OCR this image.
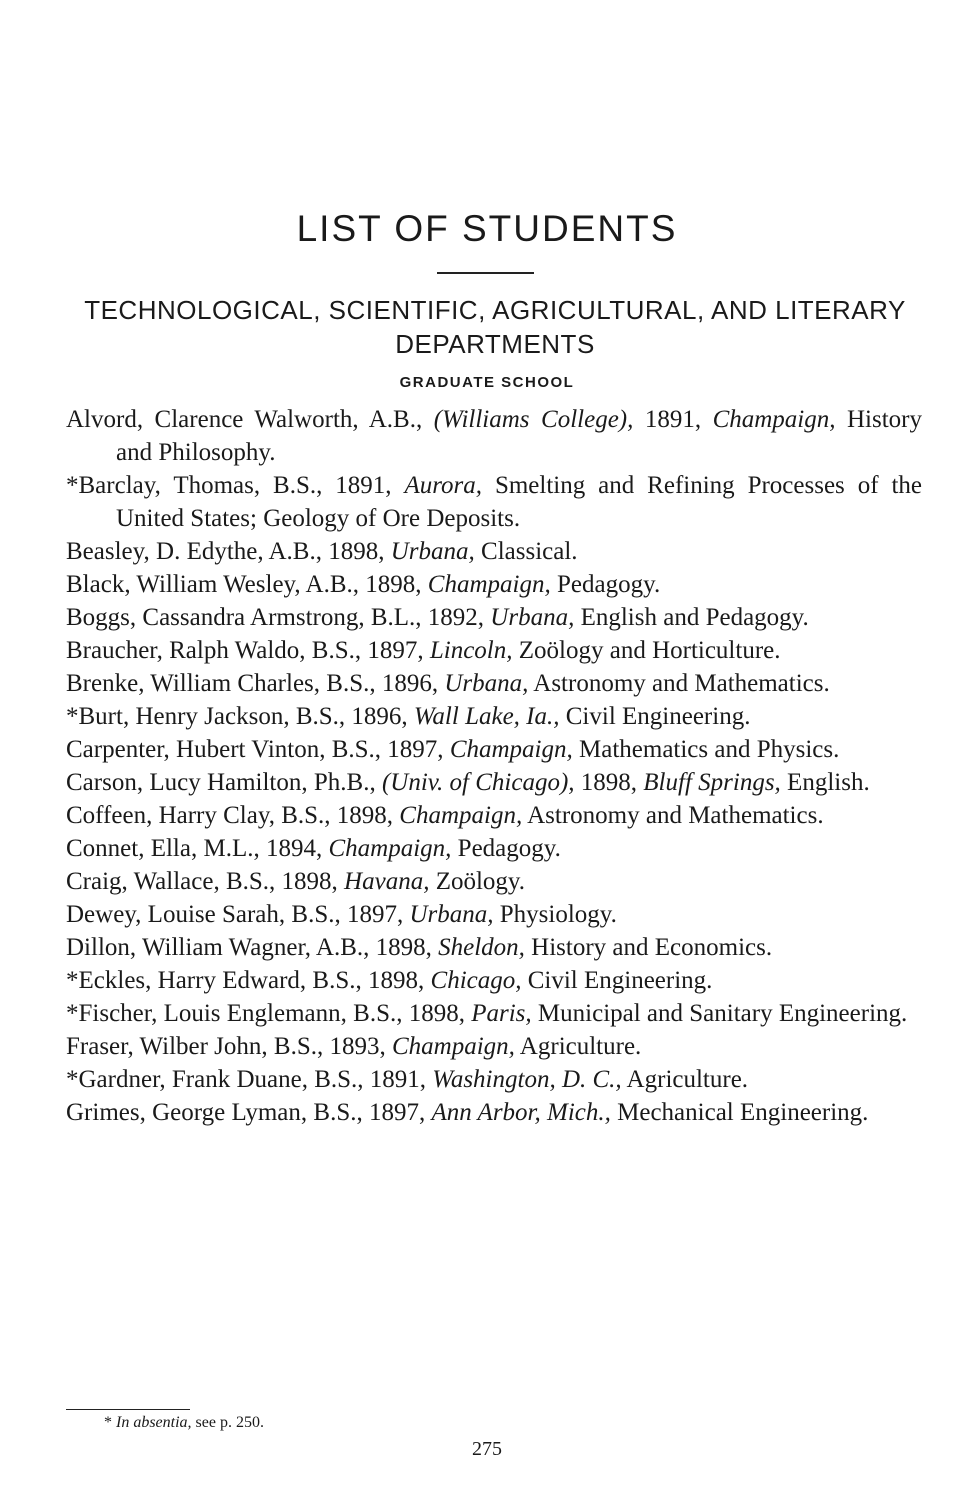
LIST OF STUDENTS
TECHNOLOGICAL, SCIENTIFIC, AGRICULTURAL, AND LITERARY DEPARTMENTS
GRADUATE SCHOOL
Alvord, Clarence Walworth, A.B., (Williams College), 1891, Champaign, History and Philosophy.
*Barclay, Thomas, B.S., 1891, Aurora, Smelting and Refining Processes of the United States; Geology of Ore Deposits.
Beasley, D. Edythe, A.B., 1898, Urbana, Classical.
Black, William Wesley, A.B., 1898, Champaign, Pedagogy.
Boggs, Cassandra Armstrong, B.L., 1892, Urbana, English and Pedagogy.
Braucher, Ralph Waldo, B.S., 1897, Lincoln, Zoölogy and Horticulture.
Brenke, William Charles, B.S., 1896, Urbana, Astronomy and Mathematics.
*Burt, Henry Jackson, B.S., 1896, Wall Lake, Ia., Civil Engineering.
Carpenter, Hubert Vinton, B.S., 1897, Champaign, Mathematics and Physics.
Carson, Lucy Hamilton, Ph.B., (Univ. of Chicago), 1898, Bluff Springs, English.
Coffeen, Harry Clay, B.S., 1898, Champaign, Astronomy and Mathematics.
Connet, Ella, M.L., 1894, Champaign, Pedagogy.
Craig, Wallace, B.S., 1898, Havana, Zoölogy.
Dewey, Louise Sarah, B.S., 1897, Urbana, Physiology.
Dillon, William Wagner, A.B., 1898, Sheldon, History and Economics.
*Eckles, Harry Edward, B.S., 1898, Chicago, Civil Engineering.
*Fischer, Louis Englemann, B.S., 1898, Paris, Municipal and Sanitary Engineering.
Fraser, Wilber John, B.S., 1893, Champaign, Agriculture.
*Gardner, Frank Duane, B.S., 1891, Washington, D. C., Agriculture.
Grimes, George Lyman, B.S., 1897, Ann Arbor, Mich., Mechanical Engineering.
* In absentia, see p. 250.
275
